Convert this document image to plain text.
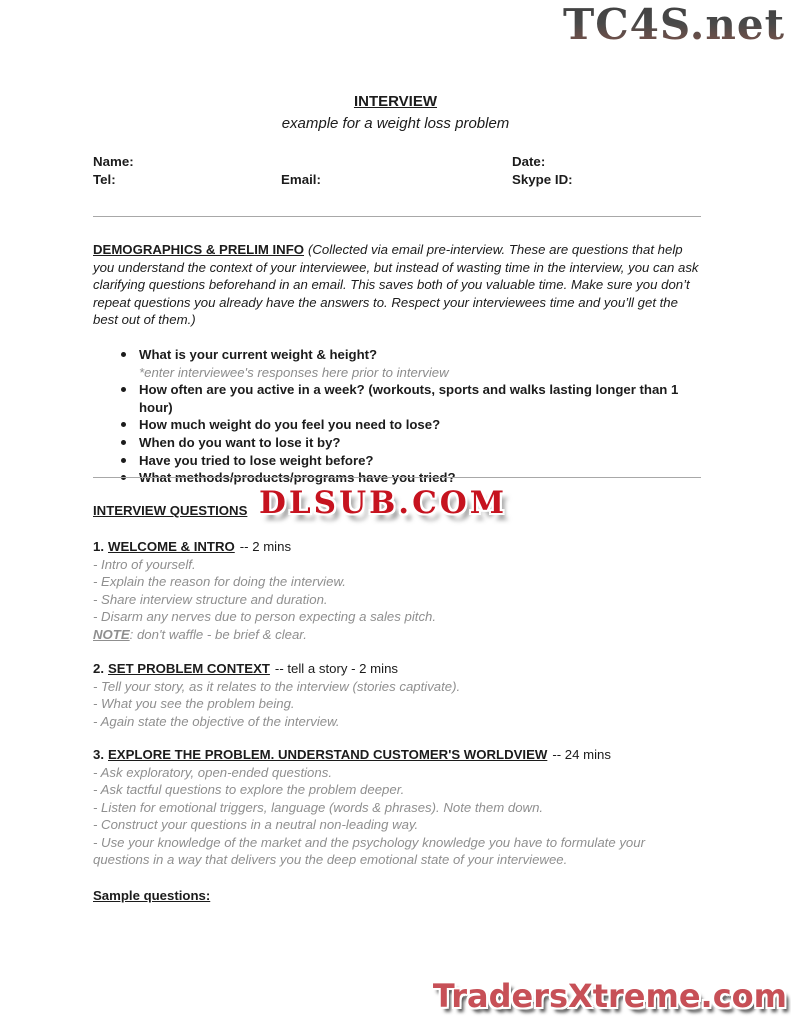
TC4S.net
INTERVIEW
example for a weight loss problem
Name:	Date:
Tel:	Email:	Skype ID:
DEMOGRAPHICS & PRELIM INFO (Collected via email pre-interview. These are questions that help you understand the context of your interviewee, but instead of wasting time in the interview, you can ask clarifying questions beforehand in an email. This saves both of you valuable time. Make sure you don’t repeat questions you already have the answers to. Respect your interviewees time and you’ll get the best out of them.)
What is your current weight & height?
*enter interviewee's responses here prior to interview
How often are you active in a week? (workouts, sports and walks lasting longer than 1 hour)
How much weight do you feel you need to lose?
When do you want to lose it by?
Have you tried to lose weight before?
What methods/products/programs have you tried?
INTERVIEW QUESTIONS DLSUB.COM
1. WELCOME & INTRO -- 2 mins
- Intro of yourself.
- Explain the reason for doing the interview.
- Share interview structure and duration.
- Disarm any nerves due to person expecting a sales pitch.
NOTE: don't waffle - be brief & clear.
2. SET PROBLEM CONTEXT -- tell a story - 2 mins
- Tell your story, as it relates to the interview (stories captivate).
- What you see the problem being.
- Again state the objective of the interview.
3. EXPLORE THE PROBLEM. UNDERSTAND CUSTOMER'S WORLDVIEW -- 24 mins
- Ask exploratory, open-ended questions.
- Ask tactful questions to explore the problem deeper.
- Listen for emotional triggers, language (words & phrases). Note them down.
- Construct your questions in a neutral non-leading way.
- Use your knowledge of the market and the psychology knowledge you have to formulate your questions in a way that delivers you the deep emotional state of your interviewee.
Sample questions:
TradersXtreme.com
